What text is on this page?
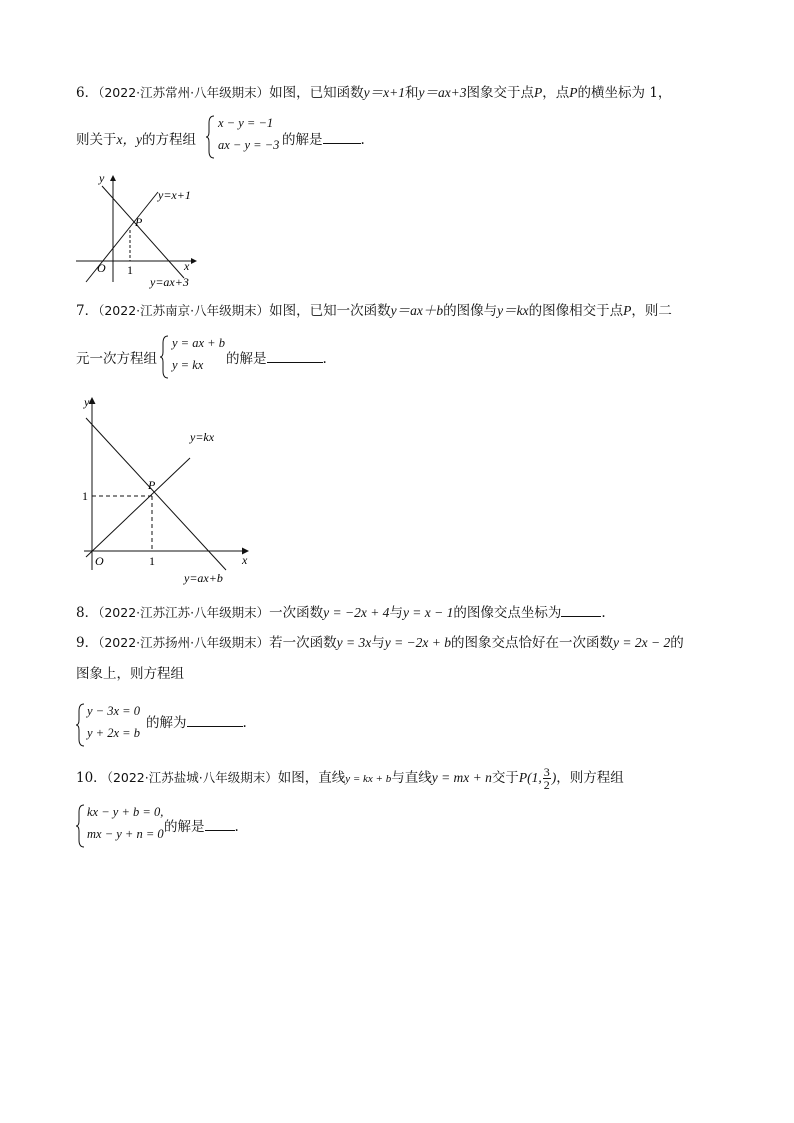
6．（2022·江苏常州·八年级期末）如图，已知函数y＝x+1和y＝ax+3图象交于点P，点P的横坐标为 1，
则关于x，y的方程组
x − y = −1
ax − y = −3 的解是	.
y
x
O 1
P
y=x+1
y=ax+3
7．（2022·江苏南京·八年级期末）如图，已知一次函数y＝ax＋b的图像与y＝kx的图像相交于点P，则二
元一次方程组
y = ax + b
y = kx 的解是	.
y
x
O	1
1
P
y=kx
y=ax+b
8．（2022·江苏江苏·八年级期末）一次函数y = −2x + 4与y = x − 1的图像交点坐标为	.
9．（2022·江苏扬州·八年级期末）若一次函数y = 3x与y = −2x + b的图象交点恰好在一次函数y = 2x − 2的
图象上，则方程组
y − 3x = 0
y + 2x = b
的解为	.
10．（2022·江苏盐城·八年级期末）如图，直线y = kx + b与直线y = mx + n交于P(1, $\frac{3}{2}$ )，则方程组
kx − y + b = 0,
mx − y + n = 0 的解是 .
